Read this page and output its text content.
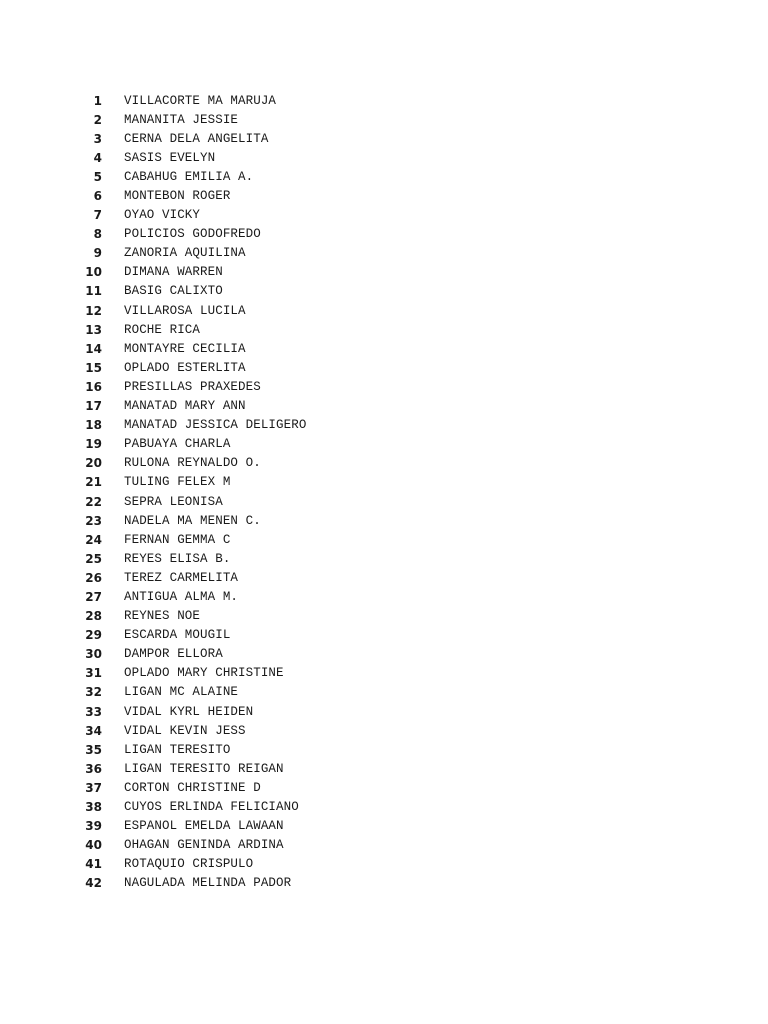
1 VILLACORTE MA MARUJA
2 MANANITA JESSIE
3 CERNA DELA ANGELITA
4 SASIS EVELYN
5 CABAHUG EMILIA A.
6 MONTEBON ROGER
7 OYAO VICKY
8 POLICIOS GODOFREDO
9 ZANORIA AQUILINA
10 DIMANA WARREN
11 BASIG CALIXTO
12 VILLAROSA LUCILA
13 ROCHE RICA
14 MONTAYRE CECILIA
15 OPLADO ESTERLITA
16 PRESILLAS PRAXEDES
17 MANATAD MARY ANN
18 MANATAD JESSICA DELIGERO
19 PABUAYA CHARLA
20 RULONA REYNALDO O.
21 TULING FELEX M
22 SEPRA LEONISA
23 NADELA MA MENEN C.
24 FERNAN GEMMA C
25 REYES ELISA B.
26 TEREZ CARMELITA
27 ANTIGUA ALMA M.
28 REYNES NOE
29 ESCARDA MOUGIL
30 DAMPOR ELLORA
31 OPLADO MARY CHRISTINE
32 LIGAN MC ALAINE
33 VIDAL KYRL HEIDEN
34 VIDAL KEVIN JESS
35 LIGAN TERESITO
36 LIGAN TERESITO REIGAN
37 CORTON CHRISTINE D
38 CUYOS ERLINDA FELICIANO
39 ESPANOL EMELDA LAWAAN
40 OHAGAN GENINDA ARDINA
41 ROTAQUIO CRISPULO
42 NAGULADA MELINDA PADOR
